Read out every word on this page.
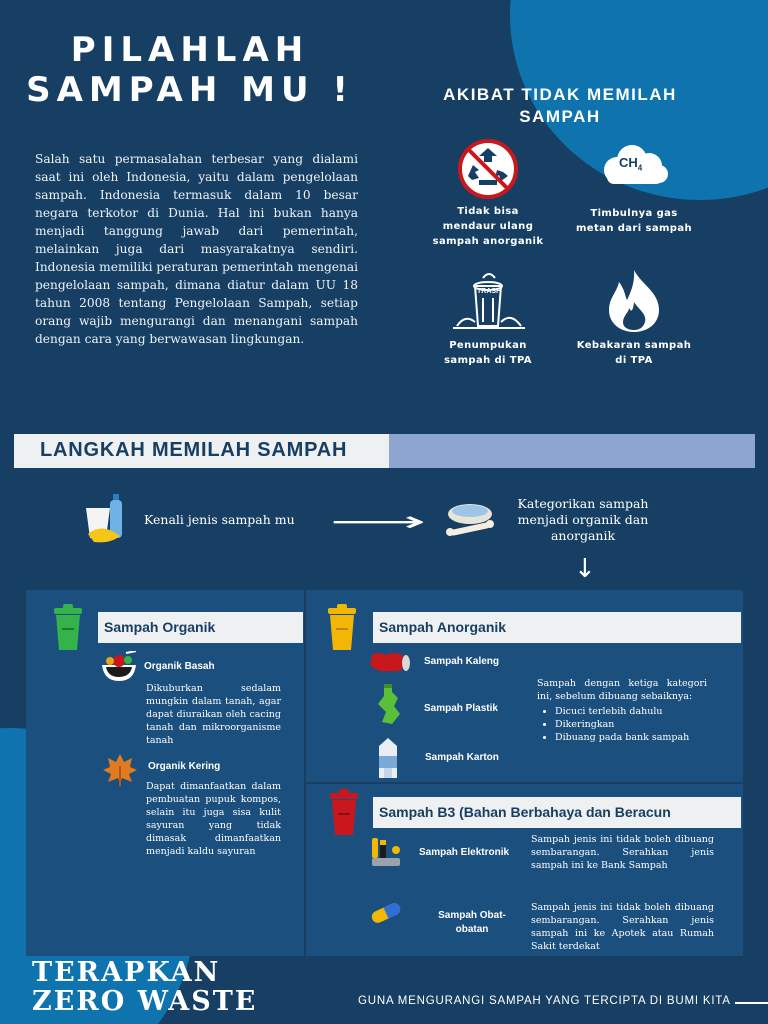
PILAHLAH
SAMPAH MU !

Salah satu permasalahan terbesar yang dialami saat ini oleh Indonesia, yaitu dalam pengelolaan sampah. Indonesia termasuk dalam 10 besar negara terkotor di Dunia. Hal ini bukan hanya menjadi tanggung jawab dari pemerintah, melainkan juga dari masyarakatnya sendiri. Indonesia memiliki peraturan pemerintah mengenai pengelolaan sampah, dimana diatur dalam UU 18 tahun 2008 tentang Pengelolaan Sampah, setiap orang wajib mengurangi dan menangani sampah dengan cara yang berwawasan lingkungan.

AKIBAT TIDAK MEMILAH
SAMPAH
Tidak bisa
mendaur ulang
sampah anorganik
$CH_4$
Timbulnya gas
metan dari sampah
TRASH
Penumpukan
sampah di TPA
Kebakaran sampah
di TPA
LANGKAH MEMILAH SAMPAH
Kenali jenis sampah mu	⟶
Kategorikan sampah
menjadi organik dan
anorganik
↓
Sampah Organik
Organik Basah
Dikuburkan sedalam mungkin dalam tanah, agar dapat diuraikan oleh cacing tanah dan mikroorganisme tanah
Organik Kering
Dapat dimanfaatkan dalam pembuatan pupuk kompos, selain itu juga sisa kulit sayuran yang tidak dimasak dimanfaatkan menjadi kaldu sayuran
Sampah Anorganik
Sampah Kaleng
Sampah Plastik
Sampah Karton
Sampah dengan ketiga kategori ini, sebelum dibuang sebaiknya:
• Dicuci terlebih dahulu
• Dikeringkan
• Dibuang pada bank sampah
Sampah B3 (Bahan Berbahaya dan Beracun
Sampah Elektronik
Sampah jenis ini tidak boleh dibuang sembarangan. Serahkan jenis sampah ini ke Bank Sampah
Sampah Obat-
obatan
Sampah jenis ini tidak boleh dibuang sembarangan. Serahkan jenis sampah ini ke Apotek atau Rumah Sakit terdekat
TERAPKAN
ZERO WASTE	GUNA MENGURANGI SAMPAH YANG TERCIPTA DI BUMI KITA
